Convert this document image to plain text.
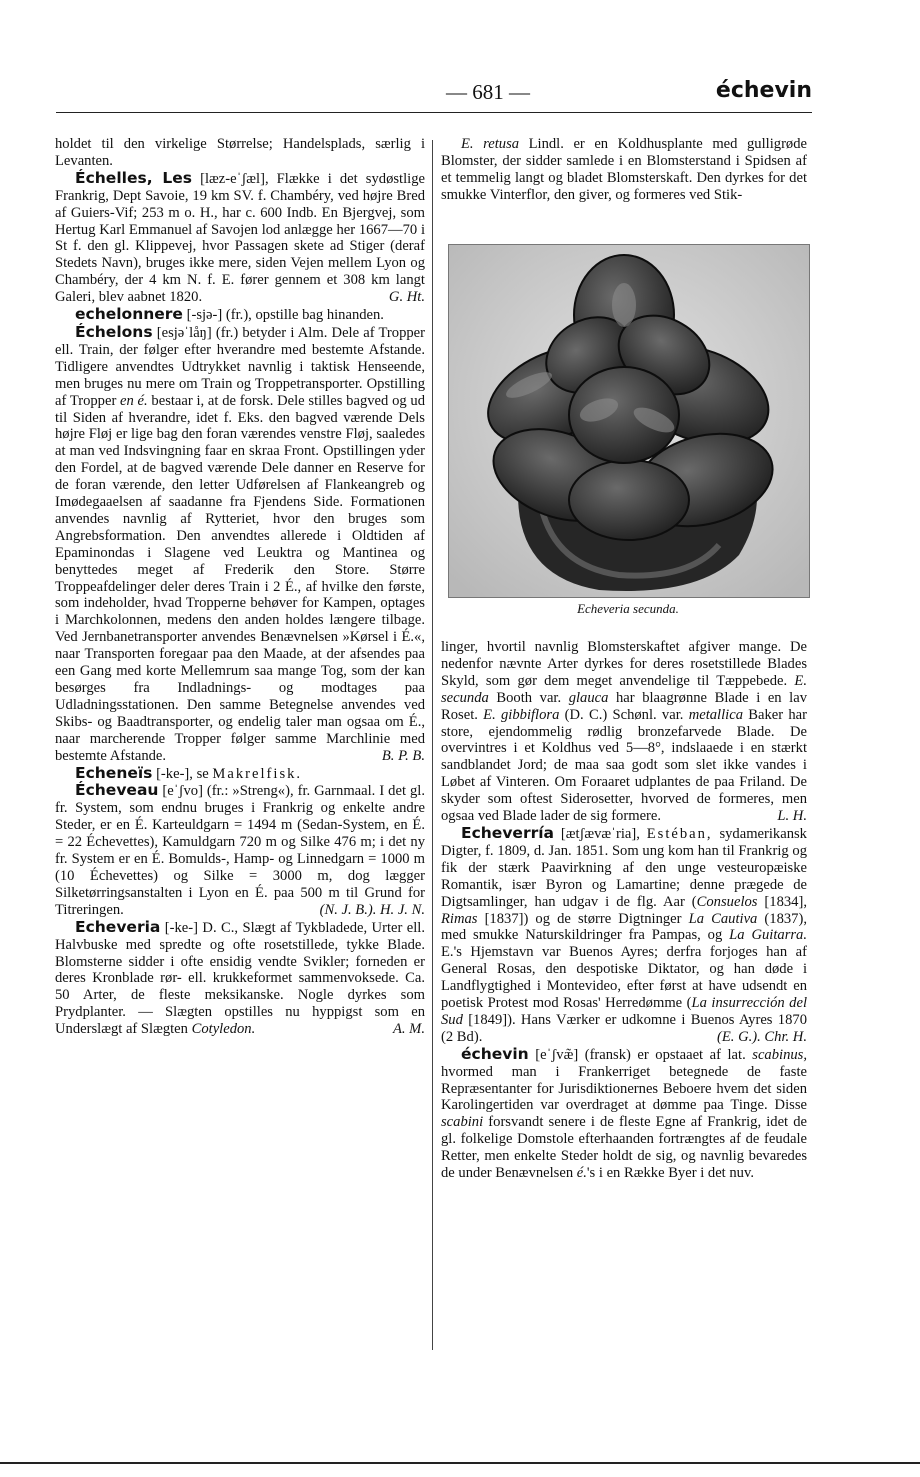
— 681 —	échevin

holdet til den virkelige Størrelse; Handelsplads, særlig i Levanten.

Échelles, Les [læz-eˈʃæl], Flække i det sydøstlige Frankrig, Dept Savoie, 19 km SV. f. Chambéry, ved højre Bred af Guiers-Vif; 253 m o. H., har c. 600 Indb. En Bjergvej, som Hertug Karl Emmanuel af Savojen lod anlægge her 1667—70 i St f. den gl. Klippevej, hvor Passagen skete ad Stiger (deraf Stedets Navn), bruges ikke mere, siden Vejen mellem Lyon og Chambéry, der 4 km N. f. E. fører gennem et 308 km langt Galeri, blev aabnet 1820.	G. Ht.

echelonnere [-sjə-] (fr.), opstille bag hinanden.

Échelons [esjəˈlåŋ] (fr.) betyder i Alm. Dele af Tropper ell. Train, der følger efter hverandre med bestemte Afstande. Tidligere anvendtes Udtrykket navnlig i taktisk Henseende, men bruges nu mere om Train og Troppetransporter. Opstilling af Tropper en é. bestaar i, at de forsk. Dele stilles bagved og ud til Siden af hverandre, idet f. Eks. den bagved værende Dels højre Fløj er lige bag den foran værendes venstre Fløj, saaledes at man ved Indsvingning faar en skraa Front. Opstillingen yder den Fordel, at de bagved værende Dele danner en Reserve for de foran værende, den letter Udførelsen af Flankeangreb og Imødegaaelsen af saadanne fra Fjendens Side. Formationen anvendes navnlig af Rytteriet, hvor den bruges som Angrebsformation. Den anvendtes allerede i Oldtiden af Epaminondas i Slagene ved Leuktra og Mantinea og benyttedes meget af Frederik den Store. Større Troppeafdelinger deler deres Train i 2 É., af hvilke den første, som indeholder, hvad Tropperne behøver for Kampen, optages i Marchkolonnen, medens den anden holdes længere tilbage. Ved Jernbanetransporter anvendes Benævnelsen »Kørsel i É.«, naar Transporten foregaar paa den Maade, at der afsendes paa een Gang med korte Mellemrum saa mange Tog, som der kan besørges fra Indladnings- og modtages paa Udladningsstationen. Den samme Betegnelse anvendes ved Skibs- og Baadtransporter, og endelig taler man ogsaa om É., naar marcherende Tropper følger samme Marchlinie med bestemte Afstande.	B. P. B.

Echeneïs [-ke-], se Makrelfisk.

Écheveau [eˈʃvo] (fr.: »Streng«), fr. Garnmaal. I det gl. fr. System, som endnu bruges i Frankrig og enkelte andre Steder, er en É. Karteuldgarn = 1494 m (Sedan-System, en É. = 22 Échevettes), Kamuldgarn 720 m og Silke 476 m; i det ny fr. System er en É. Bomulds-, Hamp- og Linnedgarn = 1000 m (10 Échevettes) og Silke = 3000 m, dog lægger Silketørringsanstalten i Lyon en É. paa 500 m til Grund for Titreringen.	(N. J. B.). H. J. N.

Echeveria [-ke-] D. C., Slægt af Tykbladede, Urter ell. Halvbuske med spredte og ofte rosetstillede, tykke Blade. Blomsterne sidder i ofte ensidig vendte Svikler; forneden er deres Kronblade rør- ell. krukkeformet sammenvoksede. Ca. 50 Arter, de fleste meksikanske. Nogle dyrkes som Prydplanter. — Slægten opstilles nu hyppigst som en Underslægt af Slægten Cotyledon.	A. M.

E. retusa Lindl. er en Koldhusplante med gulligrøde Blomster, der sidder samlede i en Blomsterstand i Spidsen af et temmelig langt og bladet Blomsterskaft. Den dyrkes for det smukke Vinterflor, den giver, og formeres ved Stik-

Echeveria secunda.

linger, hvortil navnlig Blomsterskaftet afgiver mange. De nedenfor nævnte Arter dyrkes for deres rosetstillede Blades Skyld, som gør dem meget anvendelige til Tæppebede. E. secunda Booth var. glauca har blaagrønne Blade i en lav Roset. E. gibbiflora (D. C.) Schønl. var. metallica Baker har store, ejendommelig rødlig bronzefarvede Blade. De overvintres i et Koldhus ved 5—8°, indslaaede i en stærkt sandblandet Jord; de maa saa godt som slet ikke vandes i Løbet af Vinteren. Om Foraaret udplantes de paa Friland. De skyder som oftest Siderosetter, hvorved de formeres, men ogsaa ved Blade lader de sig formere.	L. H.

Echeverría [ætʃævæˈria], Estéban, sydamerikansk Digter, f. 1809, d. Jan. 1851. Som ung kom han til Frankrig og fik der stærk Paavirkning af den unge vesteuropæiske Romantik, især Byron og Lamartine; denne prægede de Digtsamlinger, han udgav i de flg. Aar (Consuelos [1834], Rimas [1837]) og de større Digtninger La Cautiva (1837), med smukke Naturskildringer fra Pampas, og La Guitarra. E.'s Hjemstavn var Buenos Ayres; derfra forjoges han af General Rosas, den despotiske Diktator, og han døde i Landflygtighed i Montevideo, efter først at have udsendt en poetisk Protest mod Rosas' Herredømme (La insurrección del Sud [1849]). Hans Værker er udkomne i Buenos Ayres 1870 (2 Bd).	(E. G.). Chr. H.

échevin [eˈʃvæ̃] (fransk) er opstaaet af lat. scabinus, hvormed man i Frankerriget betegnede de faste Repræsentanter for Jurisdiktionernes Beboere hvem det siden Karolingertiden var overdraget at dømme paa Tinge. Disse scabini forsvandt senere i de fleste Egne af Frankrig, idet de gl. folkelige Domstole efterhaanden fortrængtes af de feudale Retter, men enkelte Steder holdt de sig, og navnlig bevaredes de under Benævnelsen é.'s i en Række Byer i det nuv.
